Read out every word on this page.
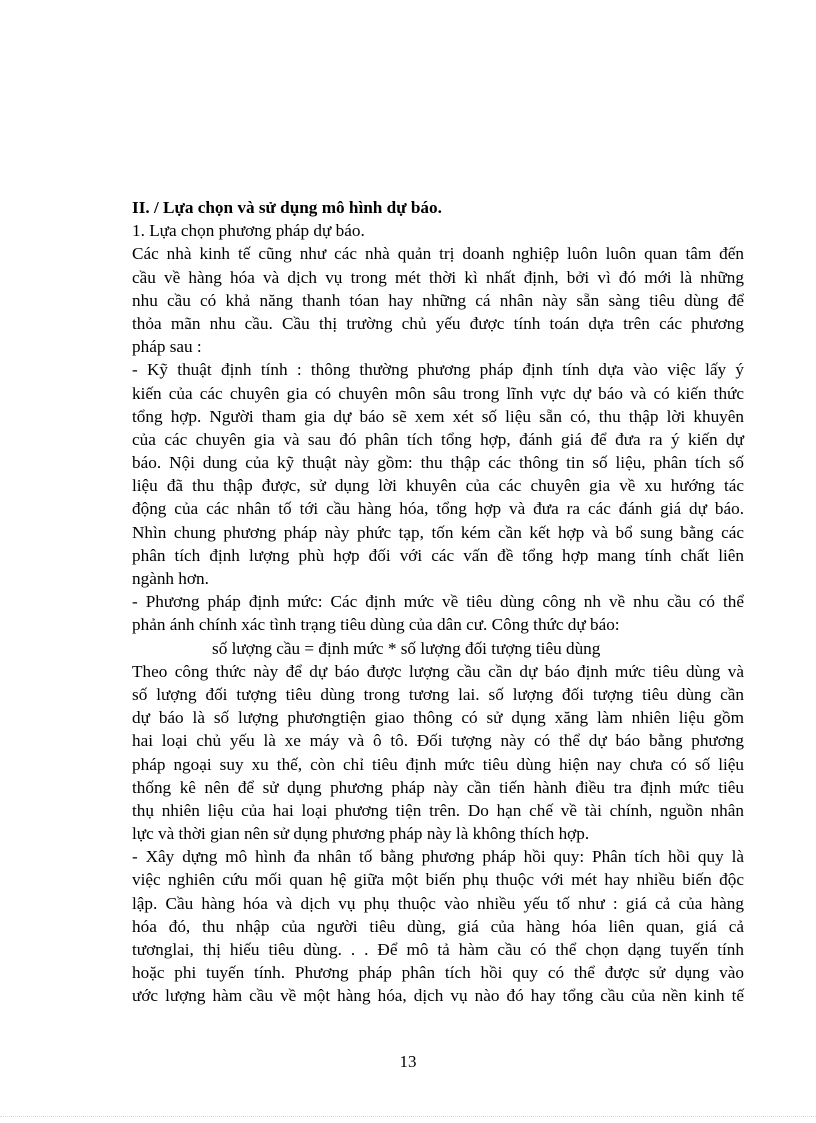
II. / Lựa chọn và sử dụng mô hình dự báo.
1. Lựa chọn phương pháp dự báo.
Các nhà kinh tế cũng như các nhà quản trị doanh nghiệp luôn luôn quan tâm đến
cầu về hàng hóa và dịch vụ trong mét thời kì nhất định, bởi vì đó mới là những
nhu cầu có khả năng thanh tóan hay những cá nhân này sẵn sàng tiêu dùng để
thỏa mãn nhu cầu. Cầu thị trường chủ yếu được tính toán dựa trên các phương
pháp sau :
- Kỹ thuật định tính : thông thường phương pháp định tính dựa vào việc lấy ý
kiến của các chuyên gia có chuyên môn sâu trong lĩnh vực dự báo và có kiến thức
tổng hợp. Người tham gia dự báo sẽ xem xét số liệu sẵn có, thu thập lời khuyên
của các chuyên gia và sau đó phân tích tổng hợp, đánh giá để đưa ra ý kiến dự
báo. Nội dung của kỹ thuật này gồm: thu thập các thông tin số liệu, phân tích số
liệu đã thu thập được, sử dụng lời khuyên của các chuyên gia về xu hướng tác
động của các nhân tố tới cầu hàng hóa, tổng hợp và đưa ra các đánh giá dự báo.
Nhìn chung phương pháp này phức tạp, tốn kém cần kết hợp và bổ sung bằng các
phân tích định lượng phù hợp đối với các vấn đề tổng hợp mang tính chất liên
ngành hơn.
- Phương pháp định mức: Các định mức về tiêu dùng công nh về nhu cầu có thể
phản ánh chính xác tình trạng tiêu dùng của dân cư. Công thức dự báo:
số lượng cầu = định mức * số lượng đối tượng tiêu dùng
Theo công thức này để dự báo được lượng cầu cần dự báo định mức tiêu dùng và
số lượng đối tượng tiêu dùng trong tương lai. số lượng đối tượng tiêu dùng cần
dự báo là số lượng phươngtiện giao thông có sử dụng xăng làm nhiên liệu gồm
hai loại chủ yếu là xe máy và ô tô. Đối tượng này có thể dự báo bằng phương
pháp ngoại suy xu thế, còn chỉ tiêu định mức tiêu dùng hiện nay chưa có số liệu
thống kê nên để sử dụng phương pháp này cần tiến hành điều tra định mức tiêu
thụ nhiên liệu của hai loại phương tiện trên. Do hạn chế về tài chính, nguồn nhân
lực và thời gian nên sử dụng phương pháp này là không thích hợp.
- Xây dựng mô hình đa nhân tố bằng phương pháp hồi quy: Phân tích hồi quy là
việc nghiên cứu mối quan hệ giữa một biến phụ thuộc với mét hay nhiều biến độc
lập. Cầu hàng hóa và dịch vụ phụ thuộc vào nhiều yếu tố như : giá cả của hàng
hóa đó, thu nhập của người tiêu dùng, giá của hàng hóa liên quan, giá cả
tươnglai, thị hiếu tiêu dùng. . . Để mô tả hàm cầu có thể chọn dạng tuyến tính
hoặc phi tuyến tính. Phương pháp phân tích hồi quy có thể được sử dụng vào
ước lượng hàm cầu về một hàng hóa, dịch vụ nào đó hay tổng cầu của nền kinh tế
13
